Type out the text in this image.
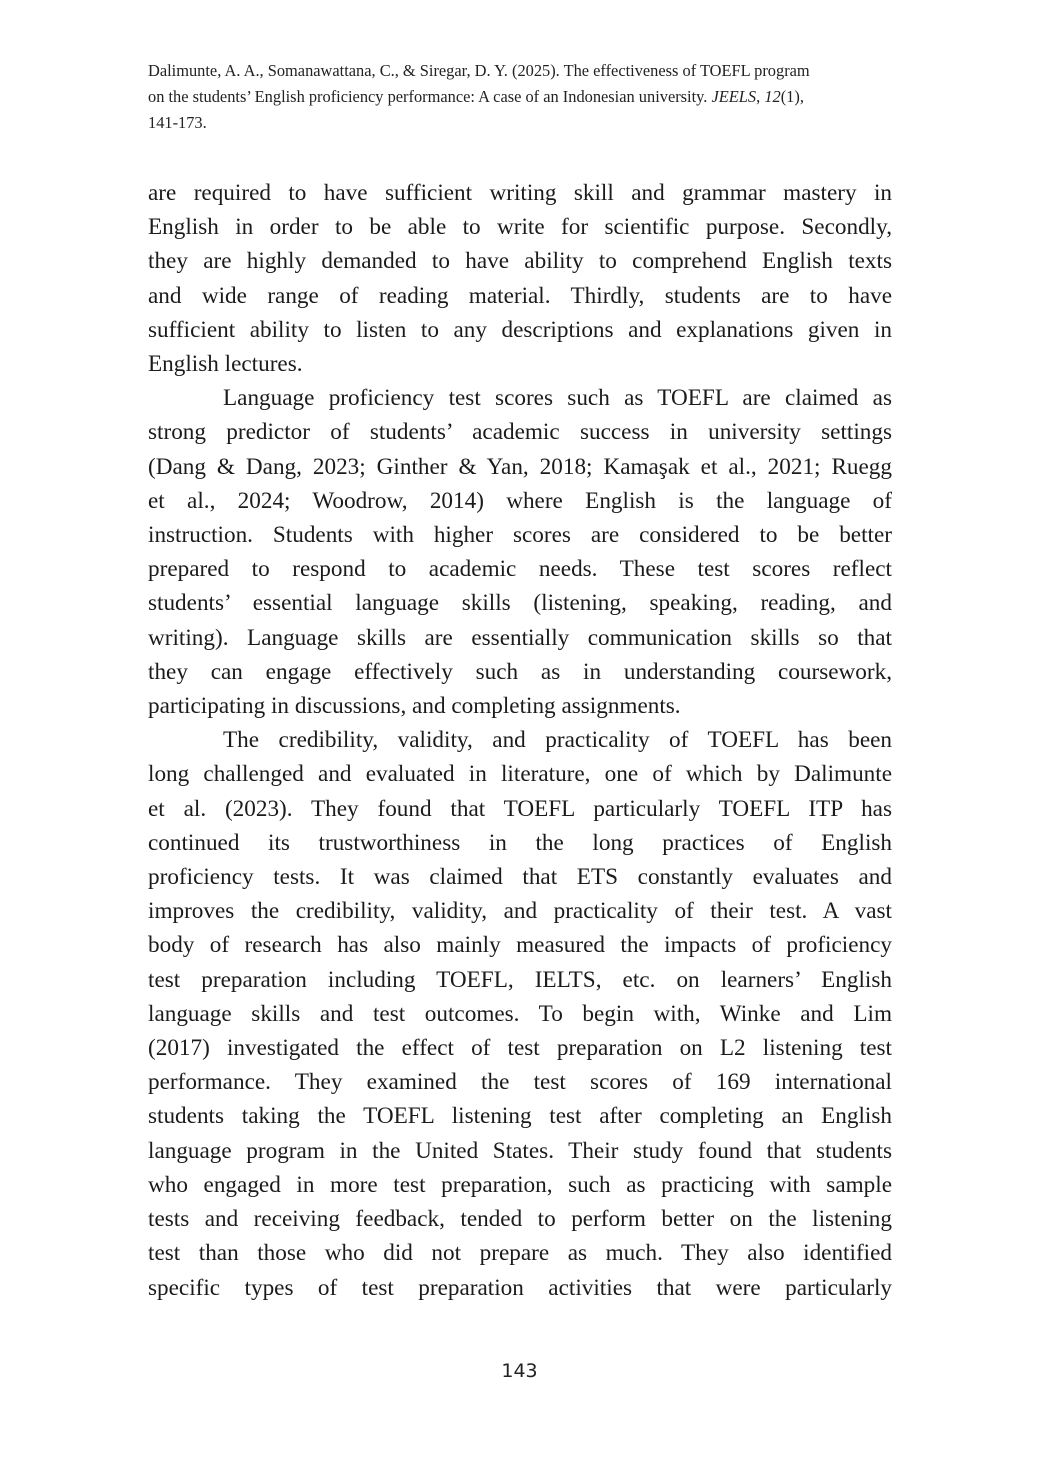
Dalimunte, A. A., Somanawattana, C., & Siregar, D. Y. (2025). The effectiveness of TOEFL program
on the students’ English proficiency performance: A case of an Indonesian university. JEELS, 12(1),
141-173.
are required to have sufficient writing skill and grammar mastery in
English in order to be able to write for scientific purpose. Secondly,
they are highly demanded to have ability to comprehend English texts
and wide range of reading material. Thirdly, students are to have
sufficient ability to listen to any descriptions and explanations given in
English lectures.
Language proficiency test scores such as TOEFL are claimed as
strong predictor of students’ academic success in university settings
(Dang & Dang, 2023; Ginther & Yan, 2018; Kamaşak et al., 2021; Ruegg
et al., 2024; Woodrow, 2014) where English is the language of
instruction. Students with higher scores are considered to be better
prepared to respond to academic needs. These test scores reflect
students’ essential language skills (listening, speaking, reading, and
writing). Language skills are essentially communication skills so that
they can engage effectively such as in understanding coursework,
participating in discussions, and completing assignments.
The credibility, validity, and practicality of TOEFL has been
long challenged and evaluated in literature, one of which by Dalimunte
et al. (2023). They found that TOEFL particularly TOEFL ITP has
continued its trustworthiness in the long practices of English
proficiency tests. It was claimed that ETS constantly evaluates and
improves the credibility, validity, and practicality of their test. A vast
body of research has also mainly measured the impacts of proficiency
test preparation including TOEFL, IELTS, etc. on learners’ English
language skills and test outcomes. To begin with, Winke and Lim
(2017) investigated the effect of test preparation on L2 listening test
performance. They examined the test scores of 169 international
students taking the TOEFL listening test after completing an English
language program in the United States. Their study found that students
who engaged in more test preparation, such as practicing with sample
tests and receiving feedback, tended to perform better on the listening
test than those who did not prepare as much. They also identified
specific types of test preparation activities that were particularly
143
